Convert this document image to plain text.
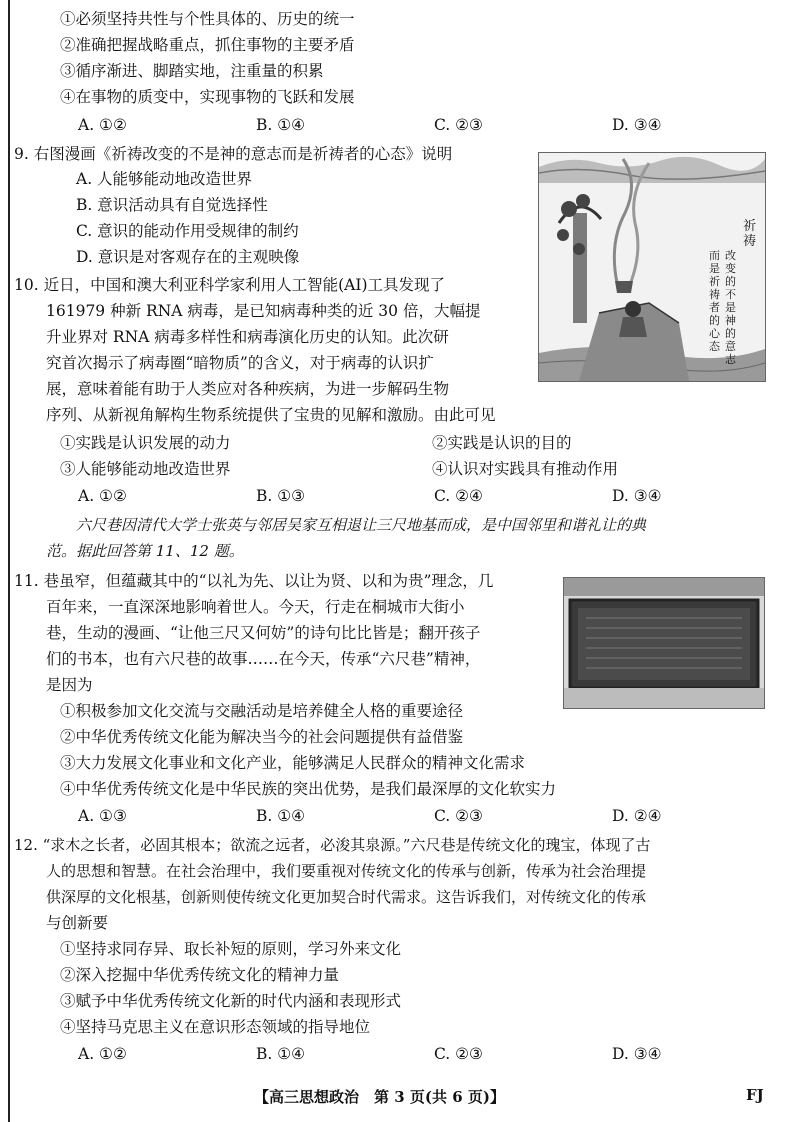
①必须坚持共性与个性具体的、历史的统一
②准确把握战略重点，抓住事物的主要矛盾
③循序渐进、脚踏实地，注重量的积累
④在事物的质变中，实现事物的飞跃和发展
A. ①②	B. ①④	C. ②③	D. ③④
9. 右图漫画《祈祷改变的不是神的意志而是祈祷者的心态》说明
A. 人能够能动地改造世界
B. 意识活动具有自觉选择性
C. 意识的能动作用受规律的制约
D. 意识是对客观存在的主观映像
祈祷
改变的不是神的意志
而是祈祷者的心态
10. 近日，中国和澳大利亚科学家利用人工智能(AI)工具发现了
161979 种新 RNA 病毒，是已知病毒种类的近 30 倍，大幅提
升业界对 RNA 病毒多样性和病毒演化历史的认知。此次研
究首次揭示了病毒圈“暗物质”的含义，对于病毒的认识扩
展，意味着能有助于人类应对各种疾病，为进一步解码生物
序列、从新视角解构生物系统提供了宝贵的见解和激励。由此可见
①实践是认识发展的动力	②实践是认识的目的
③人能够能动地改造世界	④认识对实践具有推动作用
A. ①②	B. ①③	C. ②④	D. ③④
六尺巷因清代大学士张英与邻居吴家互相退让三尺地基而成，是中国邻里和谐礼让的典
范。据此回答第 11、12 题。
11. 巷虽窄，但蕴藏其中的“以礼为先、以让为贤、以和为贵”理念，几
百年来，一直深深地影响着世人。今天，行走在桐城市大街小
巷，生动的漫画、“让他三尺又何妨”的诗句比比皆是；翻开孩子
们的书本，也有六尺巷的故事……在今天，传承“六尺巷”精神，
是因为
①积极参加文化交流与交融活动是培养健全人格的重要途径
②中华优秀传统文化能为解决当今的社会问题提供有益借鉴
③大力发展文化事业和文化产业，能够满足人民群众的精神文化需求
④中华优秀传统文化是中华民族的突出优势，是我们最深厚的文化软实力
A. ①③	B. ①④	C. ②③	D. ②④
12. “求木之长者，必固其根本；欲流之远者，必浚其泉源。”六尺巷是传统文化的瑰宝，体现了古
人的思想和智慧。在社会治理中，我们要重视对传统文化的传承与创新，传承为社会治理提
供深厚的文化根基，创新则使传统文化更加契合时代需求。这告诉我们，对传统文化的传承
与创新要
①坚持求同存异、取长补短的原则，学习外来文化
②深入挖掘中华优秀传统文化的精神力量
③赋予中华优秀传统文化新的时代内涵和表现形式
④坚持马克思主义在意识形态领域的指导地位
A. ①②	B. ①④	C. ②③	D. ③④
【高三思想政治　第 3 页(共 6 页)】	FJ
